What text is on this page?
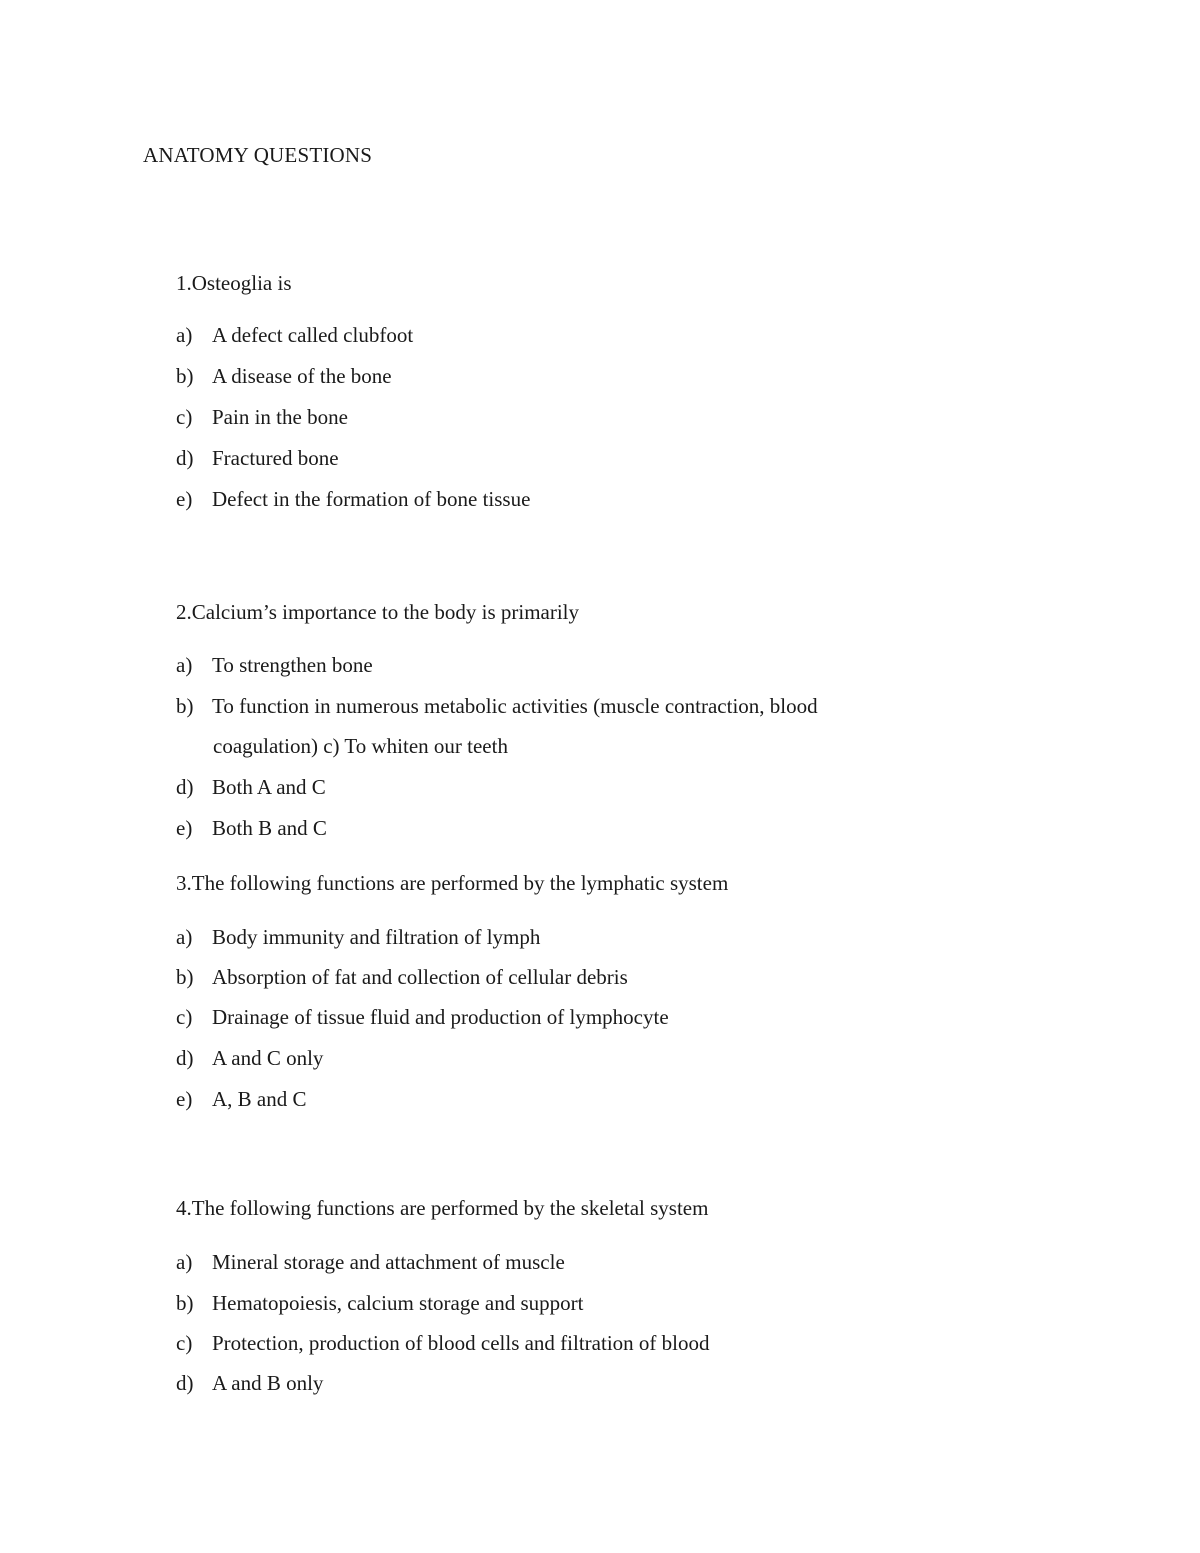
ANATOMY QUESTIONS
1.Osteoglia is
a) A defect called clubfoot
b) A disease of the bone
c) Pain in the bone
d) Fractured bone
e) Defect in the formation of bone tissue
2.Calcium’s importance to the body is primarily
a) To strengthen bone
b) To function in numerous metabolic activities (muscle contraction, blood
coagulation) c) To whiten our teeth
d) Both A and C
e) Both B and C
3.The following functions are performed by the lymphatic system
a) Body immunity and filtration of lymph
b) Absorption of fat and collection of cellular debris
c) Drainage of tissue fluid and production of lymphocyte
d) A and C only
e) A, B and C
4.The following functions are performed by the skeletal system
a) Mineral storage and attachment of muscle
b) Hematopoiesis, calcium storage and support
c) Protection, production of blood cells and filtration of blood
d) A and B only
